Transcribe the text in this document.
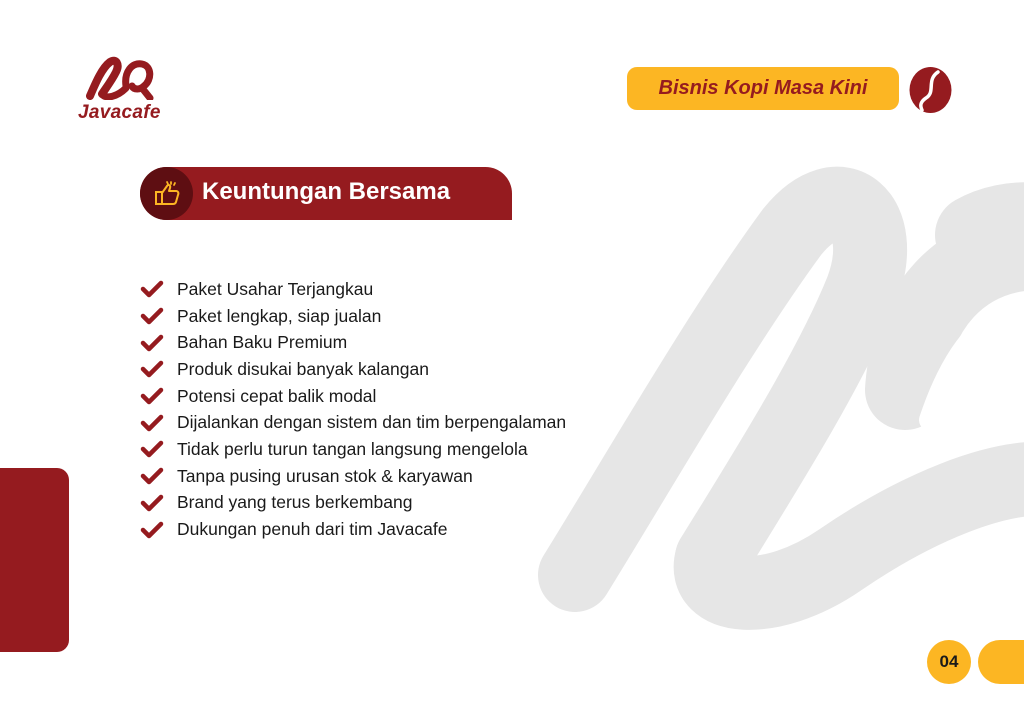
Javacafe
Bisnis Kopi Masa Kini
Keuntungan Bersama
Paket Usahar Terjangkau
Paket lengkap, siap jualan
Bahan Baku Premium
Produk disukai banyak kalangan
Potensi cepat balik modal
Dijalankan dengan sistem dan tim berpengalaman
Tidak perlu turun tangan langsung mengelola
Tanpa pusing urusan stok & karyawan
Brand yang terus berkembang
Dukungan penuh dari tim Javacafe
04
